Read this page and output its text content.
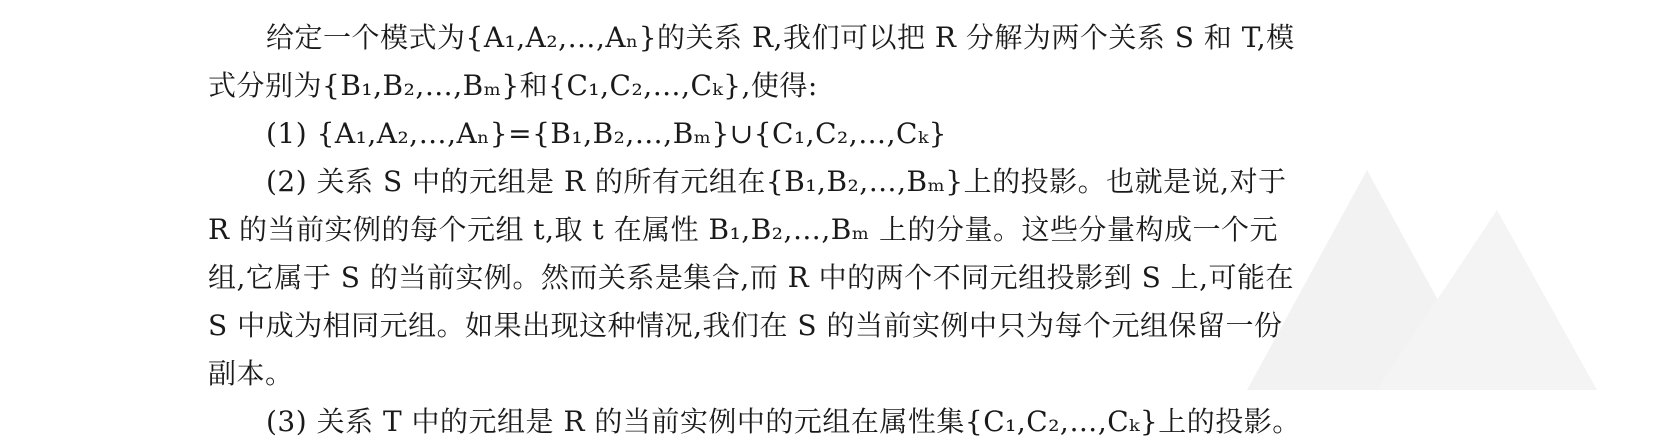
给定一个模式为{A₁,A₂,…,Aₙ}的关系 R,我们可以把 R 分解为两个关系 S 和 T,模
式分别为{B₁,B₂,…,Bₘ}和{C₁,C₂,…,Cₖ},使得:

(1) {A₁,A₂,…,Aₙ}={B₁,B₂,…,Bₘ}∪{C₁,C₂,…,Cₖ}

(2) 关系 S 中的元组是 R 的所有元组在{B₁,B₂,…,Bₘ}上的投影。也就是说,对于
R 的当前实例的每个元组 t,取 t 在属性 B₁,B₂,…,Bₘ 上的分量。这些分量构成一个元
组,它属于 S 的当前实例。然而关系是集合,而 R 中的两个不同元组投影到 S 上,可能在
S 中成为相同元组。如果出现这种情况,我们在 S 的当前实例中只为每个元组保留一份
副本。

(3) 关系 T 中的元组是 R 的当前实例中的元组在属性集{C₁,C₂,…,Cₖ}上的投影。
